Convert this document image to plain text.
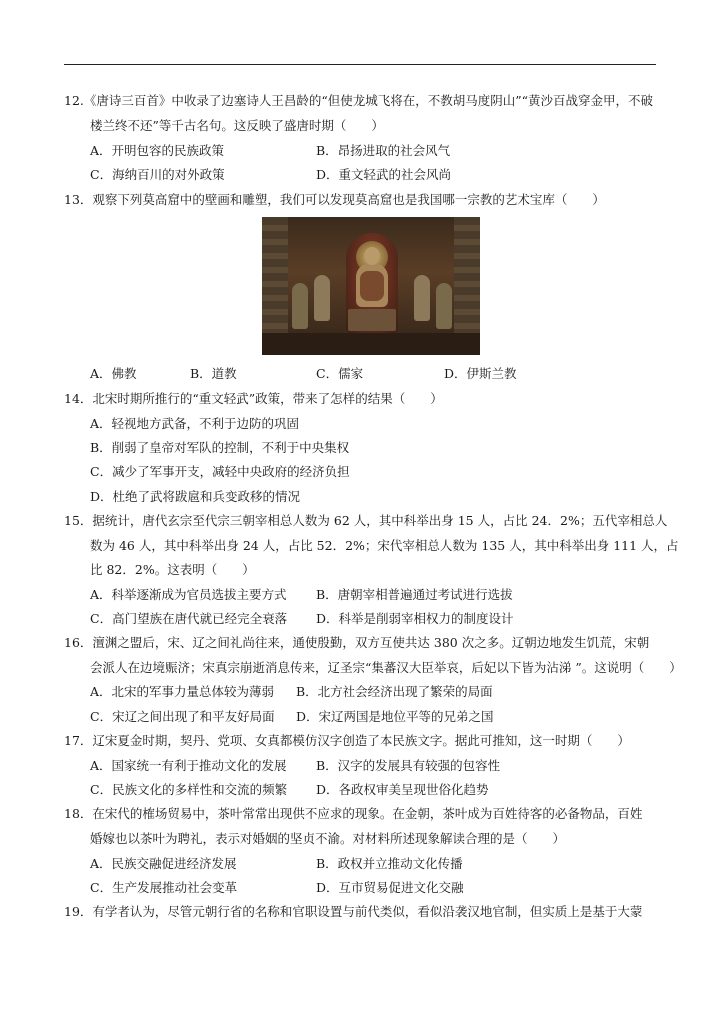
12.《唐诗三百首》中收录了边塞诗人王昌龄的“但使龙城飞将在，不教胡马度阴山”“黄沙百战穿金甲，不破
楼兰终不还”等千古名句。这反映了盛唐时期（　　）
A．开明包容的民族政策	B．昂扬进取的社会风气
C．海纳百川的对外政策	D．重文轻武的社会风尚
13．观察下列莫高窟中的壁画和雕塑，我们可以发现莫高窟也是我国哪一宗教的艺术宝库（　　）
A．佛教	B．道教	C．儒家	D．伊斯兰教
14．北宋时期所推行的“重文轻武”政策，带来了怎样的结果（　　）
A．轻视地方武备，不利于边防的巩固
B．削弱了皇帝对军队的控制，不利于中央集权
C．减少了军事开支，减轻中央政府的经济负担
D．杜绝了武将跋扈和兵变政移的情况
15．据统计，唐代玄宗至代宗三朝宰相总人数为 62 人，其中科举出身 15 人，占比 24．2%；五代宰相总人
数为 46 人，其中科举出身 24 人，占比 52．2%；宋代宰相总人数为 135 人，其中科举出身 111 人，占
比 82．2%。这表明（　　）
A．科举逐渐成为官员选拔主要方式 B．唐朝宰相普遍通过考试进行选拔
C．高门望族在唐代就已经完全衰落 D．科举是削弱宰相权力的制度设计
16．澶渊之盟后，宋、辽之间礼尚往来，通使殷勤，双方互使共达 380 次之多。辽朝边地发生饥荒，宋朝
会派人在边境赈济；宋真宗崩逝消息传来，辽圣宗“集蕃汉大臣举哀，后妃以下皆为沾涕 ”。这说明（　　）
A．北宋的军事力量总体较为薄弱 B．北方社会经济出现了繁荣的局面
C．宋辽之间出现了和平友好局面 D．宋辽两国是地位平等的兄弟之国
17．辽宋夏金时期，契丹、党项、女真都模仿汉字创造了本民族文字。据此可推知，这一时期（　　）
A．国家统一有利于推动文化的发展 B．汉字的发展具有较强的包容性
C．民族文化的多样性和交流的频繁 D．各政权审美呈现世俗化趋势
18．在宋代的榷场贸易中，茶叶常常出现供不应求的现象。在金朝，茶叶成为百姓待客的必备物品，百姓
婚嫁也以茶叶为聘礼，表示对婚姻的坚贞不渝。对材料所述现象解读合理的是（　　）
A．民族交融促进经济发展	B．政权并立推动文化传播
C．生产发展推动社会变革	D．互市贸易促进文化交融
19．有学者认为，尽管元朝行省的名称和官职设置与前代类似，看似沿袭汉地官制，但实质上是基于大蒙
